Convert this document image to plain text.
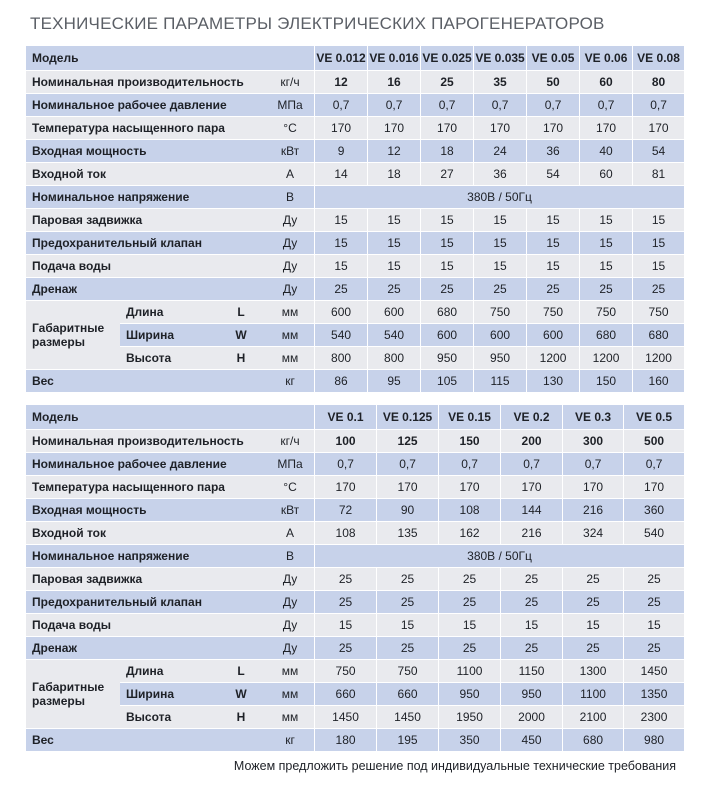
ТЕХНИЧЕСКИЕ ПАРАМЕТРЫ ЭЛЕКТРИЧЕСКИХ ПАРОГЕНЕРАТОРОВ
Модель				VE 0.012	VE 0.016	VE 0.025	VE 0.035	VE 0.05	VE 0.06	VE 0.08
Номинальная производительность			кг/ч	12	16	25	35	50	60	80
Номинальное рабочее давление			МПа	0,7	0,7	0,7	0,7	0,7	0,7	0,7
Температура насыщенного пара			°C	170	170	170	170	170	170	170
Входная мощность			кВт	9	12	18	24	36	40	54
Входной ток			А	14	18	27	36	54	60	81
Номинальное напряжение			В	380В / 50Гц						
Паровая задвижка			Ду	15	15	15	15	15	15	15
Предохранительный клапан			Ду	15	15	15	15	15	15	15
Подача воды			Ду	15	15	15	15	15	15	15
Дренаж			Ду	25	25	25	25	25	25	25
Габаритные размеры	Длина	L	мм	600	600	680	750	750	750	750
	Ширина	W	мм	540	540	600	600	600	680	680
	Высота	H	мм	800	800	950	950	1200	1200	1200
Вес			кг	86	95	105	115	130	150	160
Модель				VE 0.1	VE 0.125	VE 0.15	VE 0.2	VE 0.3	VE 0.5
Номинальная производительность			кг/ч	100	125	150	200	300	500
Номинальное рабочее давление			МПа	0,7	0,7	0,7	0,7	0,7	0,7
Температура насыщенного пара			°C	170	170	170	170	170	170
Входная мощность			кВт	72	90	108	144	216	360
Входной ток			А	108	135	162	216	324	540
Номинальное напряжение			В	380В / 50Гц					
Паровая задвижка			Ду	25	25	25	25	25	25
Предохранительный клапан			Ду	25	25	25	25	25	25
Подача воды			Ду	15	15	15	15	15	15
Дренаж			Ду	25	25	25	25	25	25
Габаритные размеры	Длина	L	мм	750	750	1100	1150	1300	1450
	Ширина	W	мм	660	660	950	950	1100	1350
	Высота	H	мм	1450	1450	1950	2000	2100	2300
Вес			кг	180	195	350	450	680	980
Можем предложить решение под индивидуальные технические требования
